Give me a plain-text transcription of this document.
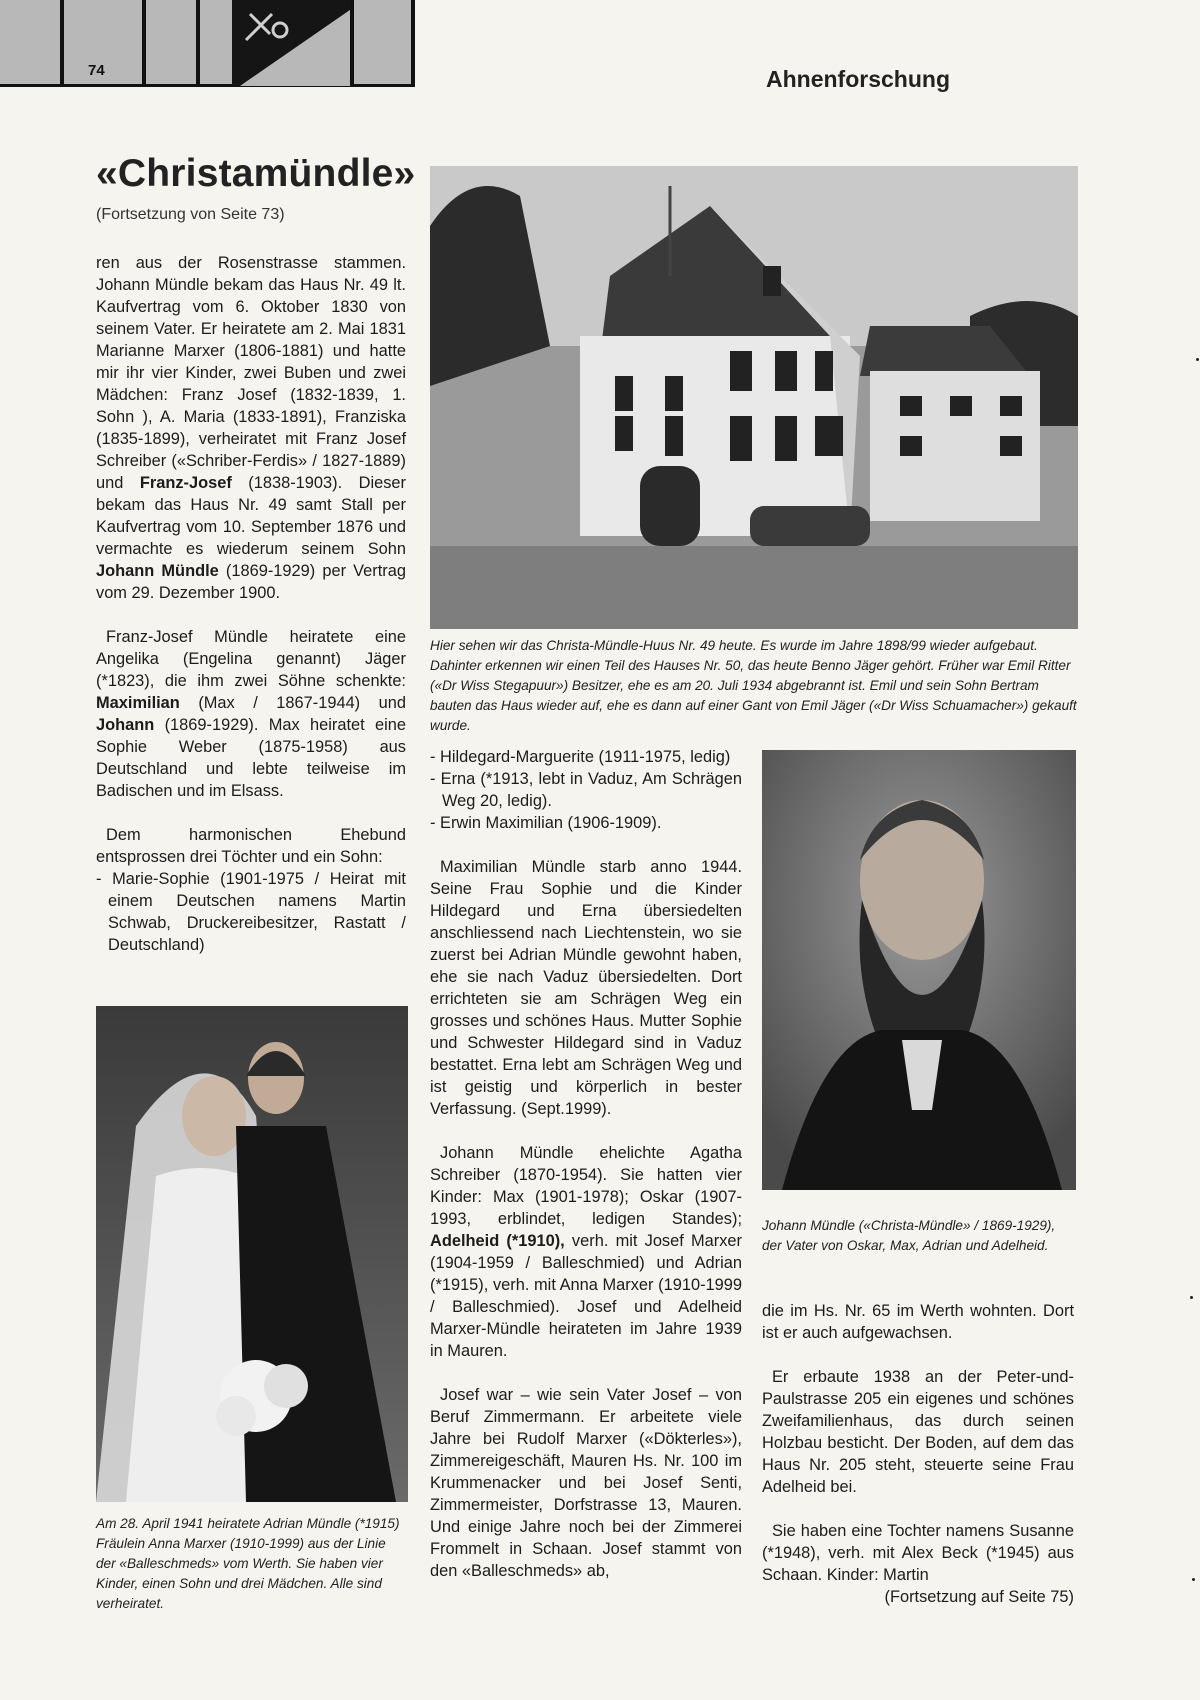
74	Ahnenforschung
«Christamündle»
(Fortsetzung von Seite 73)

ren aus der Rosenstrasse stammen. Johann Mündle bekam das Haus Nr. 49 lt. Kaufvertrag vom 6. Oktober 1830 von seinem Vater. Er heiratete am 2. Mai 1831 Marianne Marxer (1806-1881) und hatte mir ihr vier Kinder, zwei Buben und zwei Mädchen: Franz Josef (1832-1839, 1. Sohn ), A. Maria (1833-1891), Franziska (1835-1899), verheiratet mit Franz Josef Schreiber («Schriber-Ferdis» / 1827-1889) und Franz-Josef (1838-1903). Dieser bekam das Haus Nr. 49 samt Stall per Kaufvertrag vom 10. September 1876 und vermachte es wiederum seinem Sohn Johann Mündle (1869-1929) per Vertrag vom 29. Dezember 1900.

Franz-Josef Mündle heiratete eine Angelika (Engelina genannt) Jäger (*1823), die ihm zwei Söhne schenkte: Maximilian (Max / 1867-1944) und Johann (1869-1929). Max heiratet eine Sophie Weber (1875-1958) aus Deutschland und lebte teilweise im Badischen und im Elsass.

Dem harmonischen Ehebund entsprossen drei Töchter und ein Sohn:

- Marie-Sophie (1901-1975 / Heirat mit einem Deutschen namens Martin Schwab, Druckereibesitzer, Rastatt / Deutschland)

Am 28. April 1941 heiratete Adrian Mündle (*1915) Fräulein Anna Marxer (1910-1999) aus der Linie der «Balleschmeds» vom Werth. Sie haben vier Kinder, einen Sohn und drei Mädchen. Alle sind verheiratet.
Hier sehen wir das Christa-Mündle-Huus Nr. 49 heute. Es wurde im Jahre 1898/99 wieder aufgebaut. Dahinter erkennen wir einen Teil des Hauses Nr. 50, das heute Benno Jäger gehört. Früher war Emil Ritter («Dr Wiss Stegapuur») Besitzer, ehe es am 20. Juli 1934 abgebrannt ist. Emil und sein Sohn Bertram bauten das Haus wieder auf, ehe es dann auf einer Gant von Emil Jäger («Dr Wiss Schuamacher») gekauft wurde.
- Hildegard-Marguerite (1911-1975, ledig)
- Erna (*1913, lebt in Vaduz, Am Schrägen Weg 20, ledig).
- Erwin Maximilian (1906-1909).

Maximilian Mündle starb anno 1944. Seine Frau Sophie und die Kinder Hildegard und Erna übersiedelten anschliessend nach Liechtenstein, wo sie zuerst bei Adrian Mündle gewohnt haben, ehe sie nach Vaduz übersiedelten. Dort errichteten sie am Schrägen Weg ein grosses und schönes Haus. Mutter Sophie und Schwester Hildegard sind in Vaduz bestattet. Erna lebt am Schrägen Weg und ist geistig und körperlich in bester Verfassung. (Sept.1999).

Johann Mündle ehelichte Agatha Schreiber (1870-1954). Sie hatten vier Kinder: Max (1901-1978); Oskar (1907-1993, erblindet, ledigen Standes); Adelheid (*1910), verh. mit Josef Marxer (1904-1959 / Balleschmied) und Adrian (*1915), verh. mit Anna Marxer (1910-1999 / Balleschmied). Josef und Adelheid Marxer-Mündle heirateten im Jahre 1939 in Mauren.

Josef war – wie sein Vater Josef – von Beruf Zimmermann. Er arbeitete viele Jahre bei Rudolf Marxer («Dökterles»), Zimmereigeschäft, Mauren Hs. Nr. 100 im Krummenacker und bei Josef Senti, Zimmermeister, Dorfstrasse 13, Mauren. Und einige Jahre noch bei der Zimmerei Frommelt in Schaan. Josef stammt von den «Balleschmeds» ab,

Johann Mündle («Christa-Mündle» / 1869-1929), der Vater von Oskar, Max, Adrian und Adelheid.

die im Hs. Nr. 65 im Werth wohnten. Dort ist er auch aufgewachsen.

Er erbaute 1938 an der Peter-und-Paulstrasse 205 ein eigenes und schönes Zweifamilienhaus, das durch seinen Holzbau besticht. Der Boden, auf dem das Haus Nr. 205 steht, steuerte seine Frau Adelheid bei.

Sie haben eine Tochter namens Susanne (*1948), verh. mit Alex Beck (*1945) aus Schaan. Kinder: Martin

(Fortsetzung auf Seite 75)
